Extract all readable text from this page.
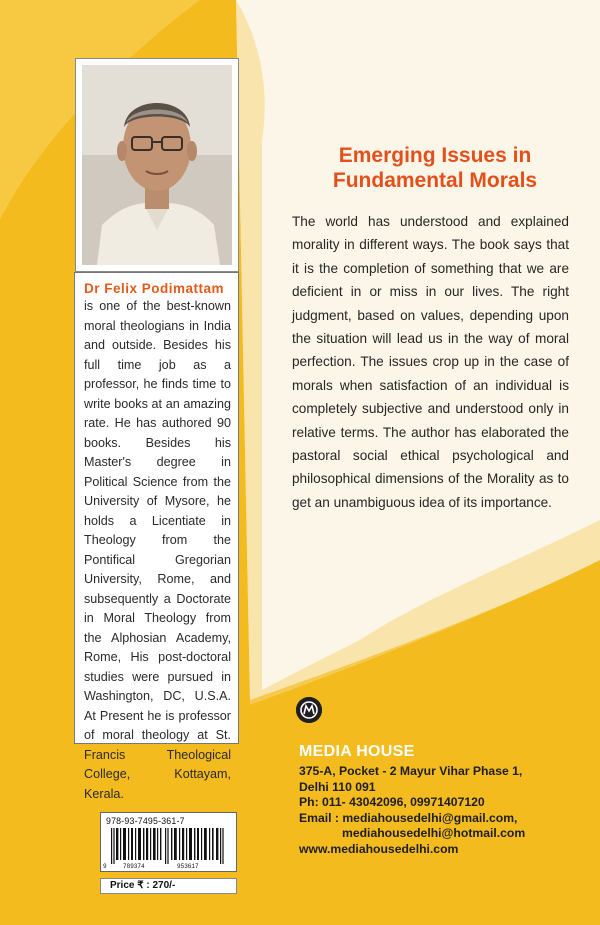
Dr Felix Podimattam

is one of the best-known moral theologians in India and outside. Besides his full time job as a professor, he finds time to write books at an amazing rate. He has authored 90 books. Besides his Master's degree in Political Science from the University of Mysore, he holds a Licentiate in Theology from the Pontifical Gregorian University, Rome, and subsequently a Doctorate in Moral Theology from the Alphosian Academy, Rome, His post-doctoral studies were pursued in Washington, DC, U.S.A. At Present he is professor of moral theology at St. Francis Theological College, Kottayam, Kerala.

Emerging Issues in
Fundamental Morals

The world has understood and explained morality in different ways. The book says that it is the completion of something that we are deficient in or miss in our lives. The right judgment, based on values, depending upon the situation will lead us in the way of moral perfection. The issues crop up in the case of morals when satisfaction of an individual is completely subjective and understood only in relative terms. The author has elaborated the pastoral social ethical psychological and philosophical dimensions of the Morality as to get an unambiguous idea of its importance.

MEDIA HOUSE

375-A, Pocket - 2 Mayur Vihar Phase 1,
Delhi 110 091
Ph: 011- 43042096, 09971407120
Email : mediahousedelhi@gmail.com,
mediahousedelhi@hotmail.com
www.mediahousedelhi.com

978-93-7495-361-7

9	789374	953617

Price ₹ : 270/-
